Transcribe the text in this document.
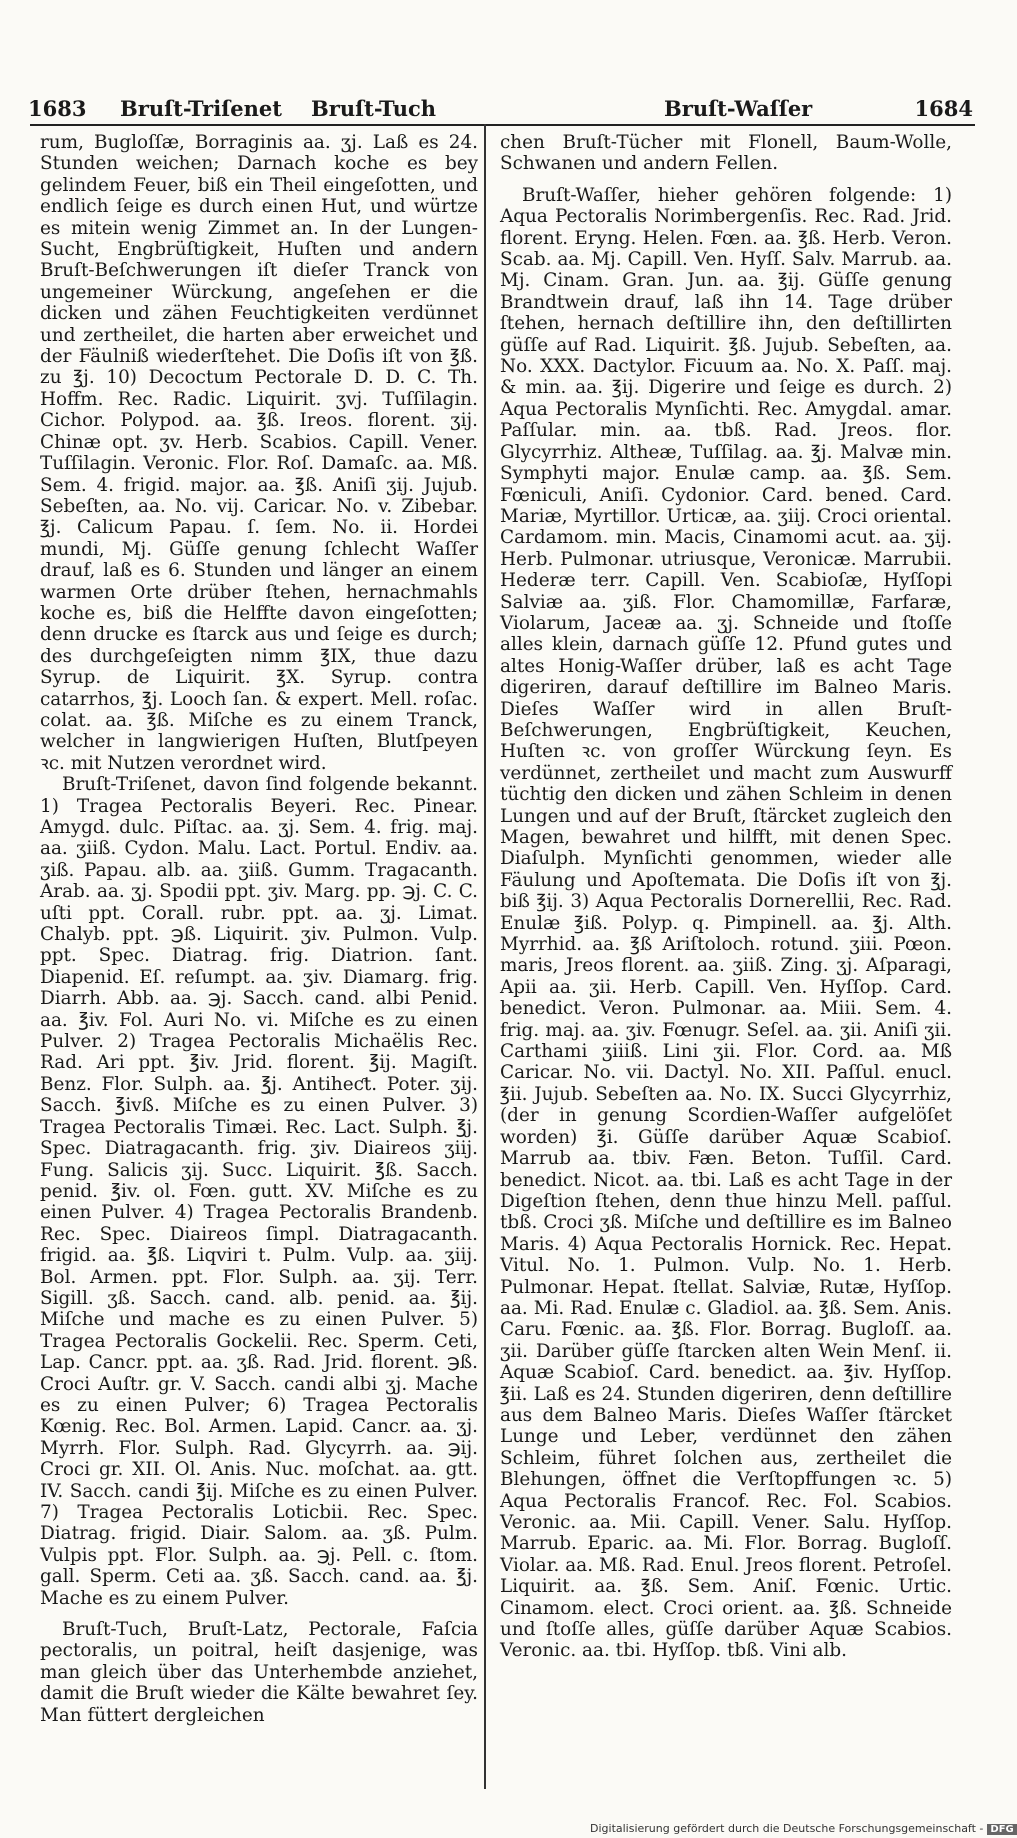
1683 Bruſt-Triſenet Bruſt-Tuch	Bruſt-Waſſer	1684

rum, Bugloſſæ, Borraginis aa. ʒj. Laß es 24. Stunden weichen; Darnach koche es bey gelindem Feuer, biß ein Theil eingeſotten, und endlich ſeige es durch einen Hut, und würtze es mitein wenig Zimmet an. In der Lungen-Sucht, Engbrüſtigkeit, Huſten und andern Bruſt-Beſchwerungen iſt dieſer Tranck von ungemeiner Würckung, angeſehen er die dicken und zähen Feuchtigkeiten verdünnet und zertheilet, die harten aber erweichet und der Fäulniß wiederſtehet. Die Doſis iſt von ℥ß. zu ℥j. 10) Decoctum Pectorale D. D. C. Th. Hoffm. Rec. Radic. Liquirit. ʒvj. Tuſſilagin. Cichor. Polypod. aa. ℥ß. Ireos. florent. ʒij. Chinæ opt. ʒv. Herb. Scabios. Capill. Vener. Tuſſilagin. Veronic. Flor. Roſ. Damaſc. aa. Mß. Sem. 4. frigid. major. aa. ℥ß. Aniſi ʒij. Jujub. Sebeſten, aa. No. vij. Caricar. No. v. Zibebar. ℥j. Calicum Papau. ſ. ſem. No. ii. Hordei mundi, Mj. Güſſe genung ſchlecht Waſſer drauf, laß es 6. Stunden und länger an einem warmen Orte drüber ſtehen, hernachmahls koche es, biß die Helffte davon eingeſotten; denn drucke es ſtarck aus und ſeige es durch; des durchgeſeigten nimm ℥IX, thue dazu Syrup. de Liquirit. ℥X. Syrup. contra catarrhos, ℥j. Looch ſan. & expert. Mell. roſac. colat. aa. ℥ß. Miſche es zu einem Tranck, welcher in langwierigen Huſten, Blutſpeyen ꝛc. mit Nutzen verordnet wird.

Bruſt-Triſenet, davon ſind folgende bekannt. 1) Tragea Pectoralis Beyeri. Rec. Pinear. Amygd. dulc. Piſtac. aa. ʒj. Sem. 4. frig. maj. aa. ʒiiß. Cydon. Malu. Lact. Portul. Endiv. aa. ʒiß. Papau. alb. aa. ʒiiß. Gumm. Tragacanth. Arab. aa. ʒj. Spodii ppt. ʒiv. Marg. pp. ℈j. C. C. uſti ppt. Corall. rubr. ppt. aa. ʒj. Limat. Chalyb. ppt. ℈ß. Liquirit. ʒiv. Pulmon. Vulp. ppt. Spec. Diatrag. frig. Diatrion. ſant. Diapenid. Eſ. reſumpt. aa. ʒiv. Diamarg. frig. Diarrh. Abb. aa. ℈j. Sacch. cand. albi Penid. aa. ℥iv. Fol. Auri No. vi. Miſche es zu einen Pulver. 2) Tragea Pectoralis Michaëlis Rec. Rad. Ari ppt. ℥iv. Jrid. florent. ℥ij. Magiſt. Benz. Flor. Sulph. aa. ℥j. Antiheƈt. Poter. ʒij. Sacch. ℥ivß. Miſche es zu einen Pulver. 3) Tragea Pectoralis Timæi. Rec. Lact. Sulph. ℥j. Spec. Diatragacanth. frig. ʒiv. Diaireos ʒiij. Fung. Salicis ʒij. Succ. Liquirit. ℥ß. Sacch. penid. ℥iv. ol. Fœn. gutt. XV. Miſche es zu einen Pulver. 4) Tragea Pectoralis Brandenb. Rec. Spec. Diaireos ſimpl. Diatragacanth. frigid. aa. ℥ß. Liqviri t. Pulm. Vulp. aa. ʒiij. Bol. Armen. ppt. Flor. Sulph. aa. ʒij. Terr. Sigill. ʒß. Sacch. cand. alb. penid. aa. ℥ij. Miſche und mache es zu einen Pulver. 5) Tragea Pectoralis Gockelii. Rec. Sperm. Ceti, Lap. Cancr. ppt. aa. ʒß. Rad. Jrid. florent. ℈ß. Croci Auſtr. gr. V. Sacch. candi albi ʒj. Mache es zu einen Pulver; 6) Tragea Pectoralis Kœnig. Rec. Bol. Armen. Lapid. Cancr. aa. ʒj. Myrrh. Flor. Sulph. Rad. Glycyrrh. aa. ℈ij. Croci gr. XII. Ol. Anis. Nuc. moſchat. aa. gtt. IV. Sacch. candi ℥ij. Miſche es zu einen Pulver. 7) Tragea Pectoralis Loticbii. Rec. Spec. Diatrag. frigid. Diair. Salom. aa. ʒß. Pulm. Vulpis ppt. Flor. Sulph. aa. ℈j. Pell. c. ſtom. gall. Sperm. Ceti aa. ʒß. Sacch. cand. aa. ℥j. Mache es zu einem Pulver.

Bruſt-Tuch, Bruſt-Latz, Pectorale, Faſcia pectoralis, un poitral, heiſt dasjenige, was man gleich über das Unterhembde anziehet, damit die Bruſt wieder die Kälte bewahret ſey. Man füttert dergleichen

chen Bruſt-Tücher mit Flonell, Baum-Wolle, Schwanen und andern Fellen.

Bruſt-Waſſer, hieher gehören folgende: 1) Aqua Pectoralis Norimbergenſis. Rec. Rad. Jrid. florent. Eryng. Helen. Fœn. aa. ℥ß. Herb. Veron. Scab. aa. Mj. Capill. Ven. Hyſſ. Salv. Marrub. aa. Mj. Cinam. Gran. Jun. aa. ℥ij. Güſſe genung Brandtwein drauf, laß ihn 14. Tage drüber ſtehen, hernach deſtillire ihn, den deſtillirten güſſe auf Rad. Liquirit. ℥ß. Jujub. Sebeſten, aa. No. XXX. Dactylor. Ficuum aa. No. X. Paſſ. maj. & min. aa. ℥ij. Digerire und ſeige es durch. 2) Aqua Pectoralis Mynſichti. Rec. Amygdal. amar. Paſſular. min. aa. tbß. Rad. Jreos. flor. Glycyrrhiz. Altheæ, Tuſſilag. aa. ℥j. Malvæ min. Symphyti major. Enulæ camp. aa. ℥ß. Sem. Fœniculi, Aniſi. Cydonior. Card. bened. Card. Mariæ, Myrtillor. Urticæ, aa. ʒiij. Croci oriental. Cardamom. min. Macis, Cinamomi acut. aa. ʒij. Herb. Pulmonar. utriusque, Veronicæ. Marrubii. Hederæ terr. Capill. Ven. Scabioſæ, Hyſſopi Salviæ aa. ʒiß. Flor. Chamomillæ, Farfaræ, Violarum, Jaceæ aa. ʒj. Schneide und ſtoſſe alles klein, darnach güſſe 12. Pfund gutes und altes Honig-Waſſer drüber, laß es acht Tage digeriren, darauf deſtillire im Balneo Maris. Dieſes Waſſer wird in allen Bruſt-Beſchwerungen, Engbrüſtigkeit, Keuchen, Huſten ꝛc. von groſſer Würckung ſeyn. Es verdünnet, zertheilet und macht zum Auswurff tüchtig den dicken und zähen Schleim in denen Lungen und auf der Bruſt, ſtärcket zugleich den Magen, bewahret und hilfft, mit denen Spec. Diaſulph. Mynſichti genommen, wieder alle Fäulung und Apoſtemata. Die Doſis iſt von ℥j. biß ℥ij. 3) Aqua Pectoralis Dornerellii, Rec. Rad. Enulæ ℥iß. Polyp. q. Pimpinell. aa. ℥j. Alth. Myrrhid. aa. ℥ß Ariſtoloch. rotund. ʒiii. Pœon. maris, Jreos florent. aa. ʒiiß. Zing. ʒj. Aſparagi, Apii aa. ʒii. Herb. Capill. Ven. Hyſſop. Card. benedict. Veron. Pulmonar. aa. Miii. Sem. 4. frig. maj. aa. ʒiv. Fœnugr. Seſel. aa. ʒii. Aniſi ʒii. Carthami ʒiiiß. Lini ʒii. Flor. Cord. aa. Mß Caricar. No. vii. Dactyl. No. XII. Paſſul. enucl. ℥ii. Jujub. Sebeſten aa. No. IX. Succi Glycyrrhiz, (der in genung Scordien-Waſſer aufgelöſet worden) ℥i. Güſſe darüber Aquæ Scabioſ. Marrub aa. tbiv. Fæn. Beton. Tuſſil. Card. benedict. Nicot. aa. tbi. Laß es acht Tage in der Digeſtion ſtehen, denn thue hinzu Mell. paſſul. tbß. Croci ʒß. Miſche und deſtillire es im Balneo Maris. 4) Aqua Pectoralis Hornick. Rec. Hepat. Vitul. No. 1. Pulmon. Vulp. No. 1. Herb. Pulmonar. Hepat. ſtellat. Salviæ, Rutæ, Hyſſop. aa. Mi. Rad. Enulæ c. Gladiol. aa. ℥ß. Sem. Anis. Caru. Fœnic. aa. ℥ß. Flor. Borrag. Bugloſſ. aa. ʒii. Darüber güſſe ſtarcken alten Wein Menſ. ii. Aquæ Scabioſ. Card. benedict. aa. ℥iv. Hyſſop. ℥ii. Laß es 24. Stunden digeriren, denn deſtillire aus dem Balneo Maris. Dieſes Waſſer ſtärcket Lunge und Leber, verdünnet den zähen Schleim, führet ſolchen aus, zertheilet die Blehungen, öffnet die Verſtopffungen ꝛc. 5) Aqua Pectoralis Francof. Rec. Fol. Scabios. Veronic. aa. Mii. Capill. Vener. Salu. Hyſſop. Marrub. Eparic. aa. Mi. Flor. Borrag. Bugloſſ. Violar. aa. Mß. Rad. Enul. Jreos florent. Petroſel. Liquirit. aa. ℥ß. Sem. Aniſ. Fœnic. Urtic. Cinamom. elect. Croci orient. aa. ℥ß. Schneide und ſtoſſe alles, güſſe darüber Aquæ Scabios. Veronic. aa. tbi. Hyſſop. tbß. Vini alb.

Digitalisierung gefördert durch die Deutsche Forschungsgemeinschaft - DFG
